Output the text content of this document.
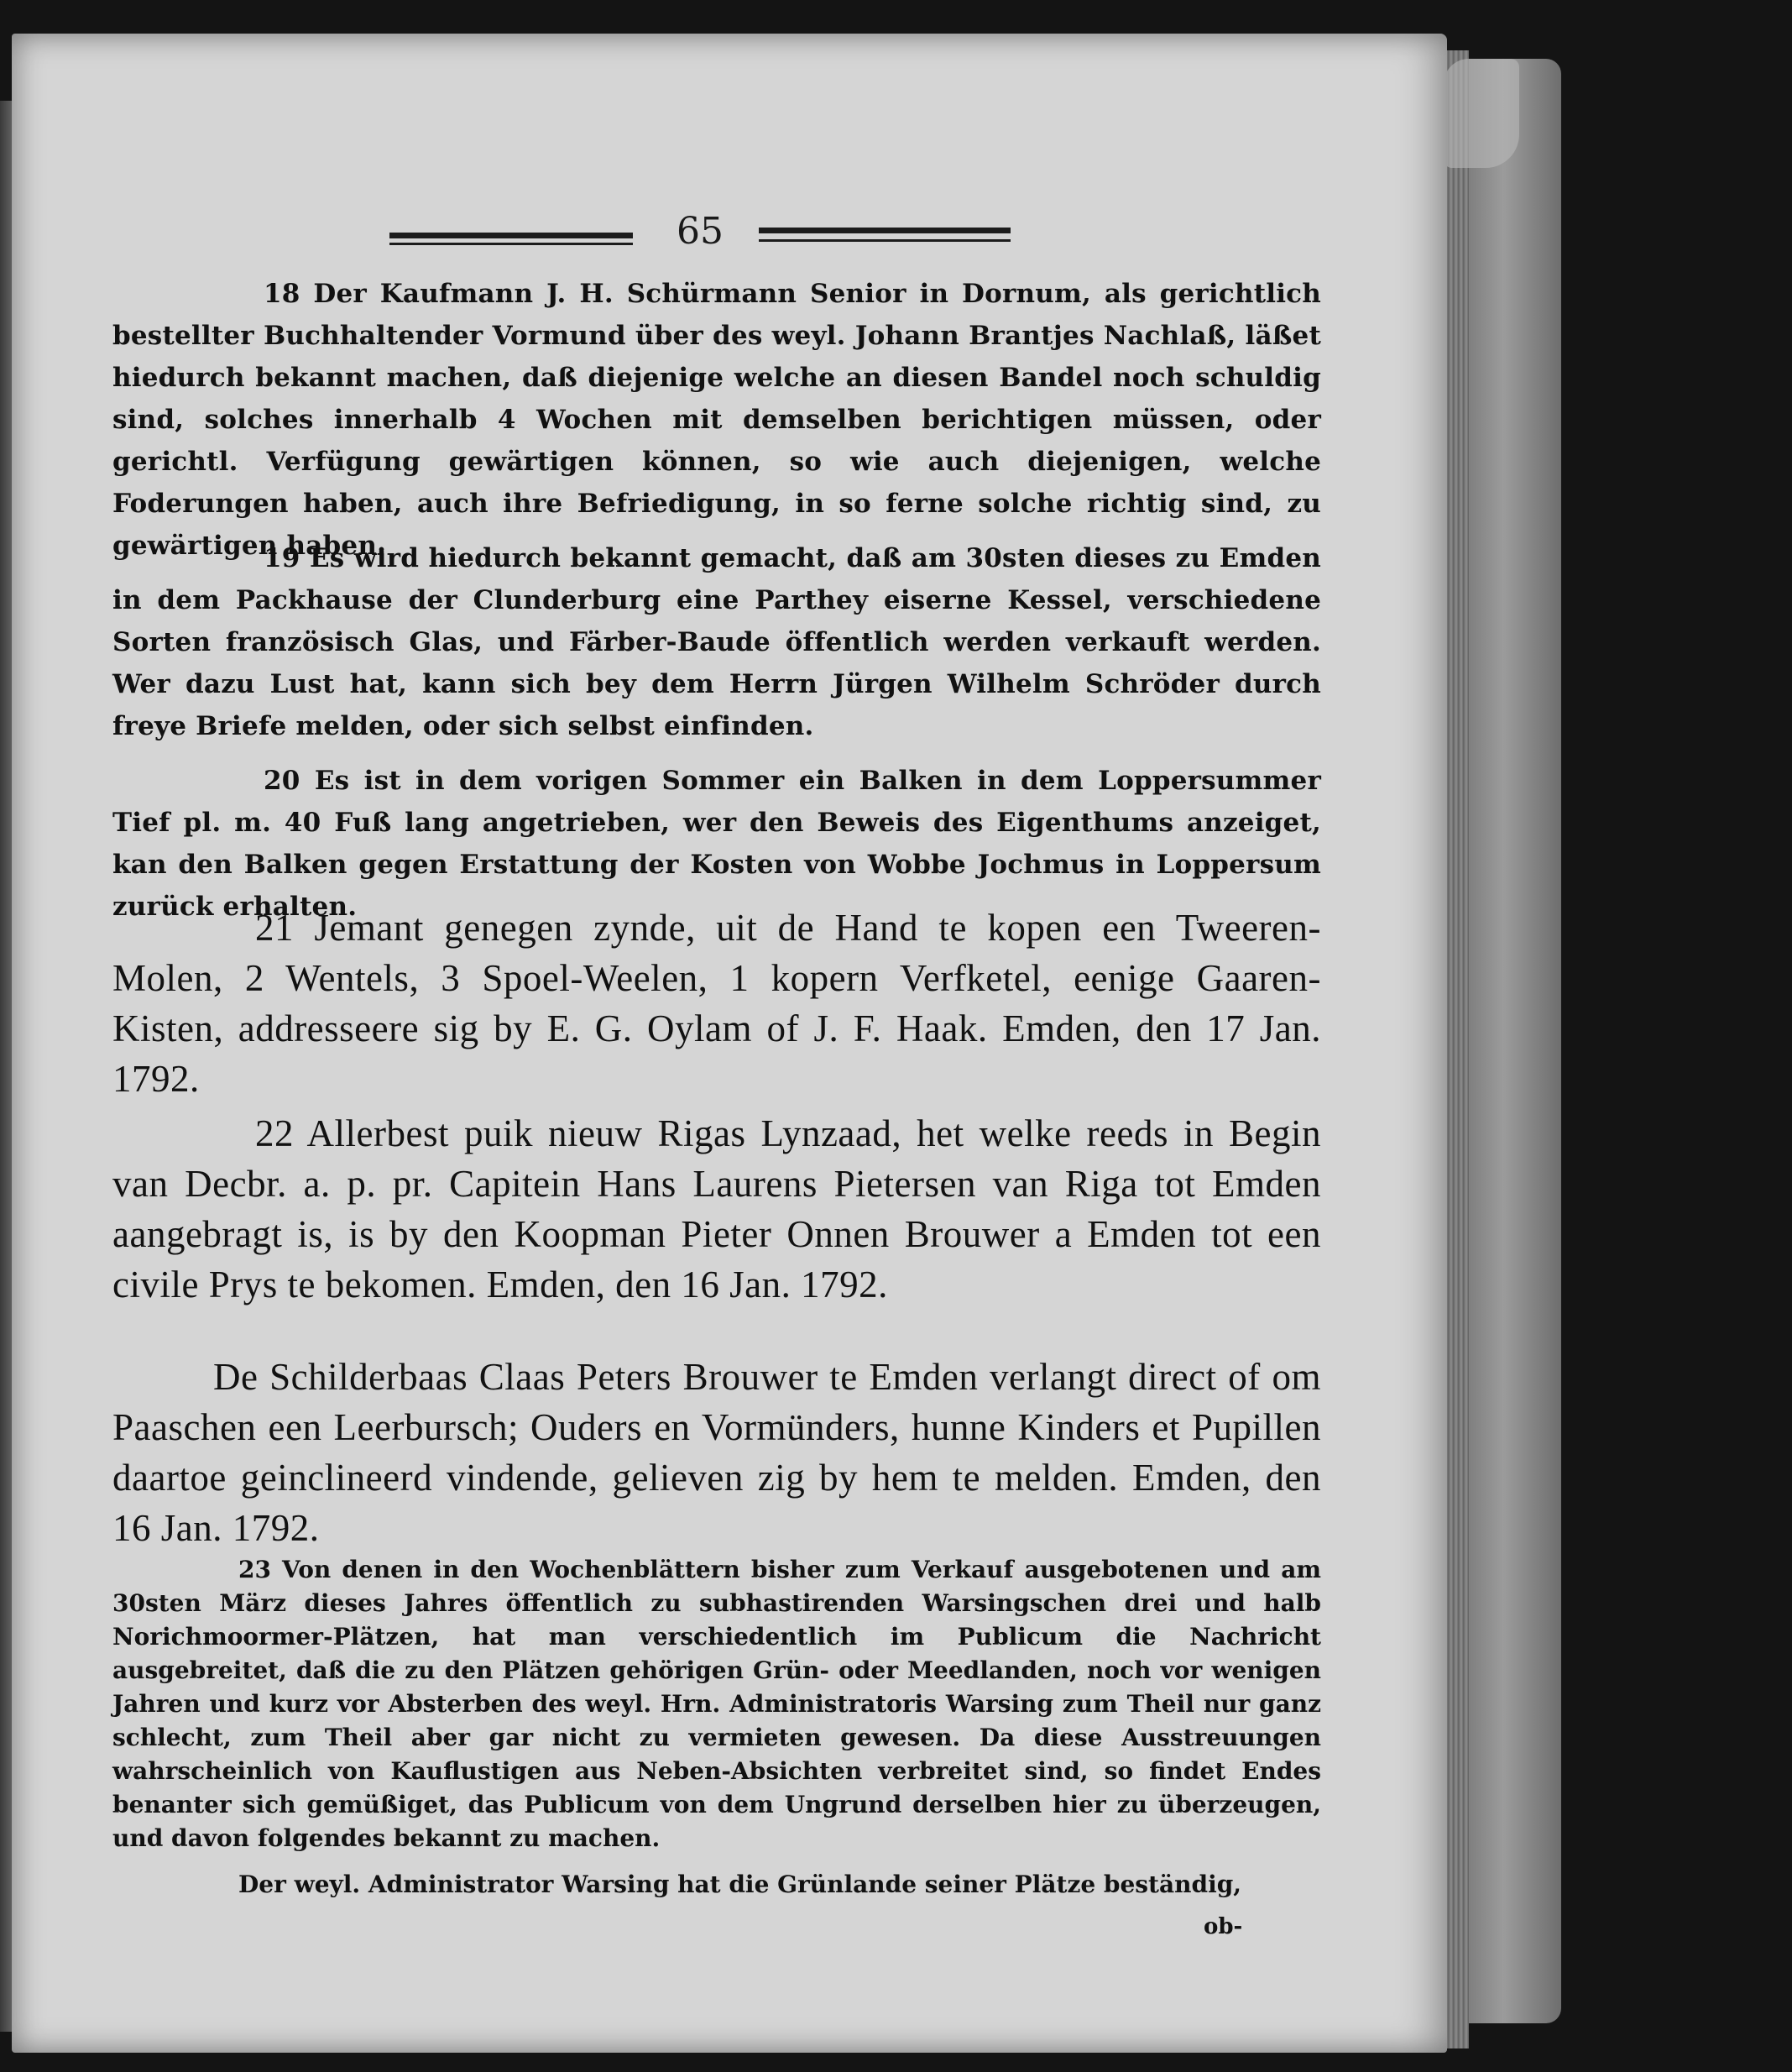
65

18 Der Kaufmann J. H. Schürmann Senior in Dornum, als gerichtlich bestellter Buchhaltender Vormund über des weyl. Johann Brantjes Nachlaß, läßet hiedurch bekannt machen, daß diejenige welche an diesen Bandel noch schuldig sind, solches innerhalb 4 Wochen mit demselben berichtigen müssen, oder gerichtl. Verfügung gewärtigen können, so wie auch diejenigen, welche Foderungen haben, auch ihre Befriedigung, in so ferne solche richtig sind, zu gewärtigen haben.

19 Es wird hiedurch bekannt gemacht, daß am 30sten dieses zu Emden in dem Packhause der Clunderburg eine Parthey eiserne Kessel, verschiedene Sorten französisch Glas, und Färber-Baude öffentlich werden verkauft werden. Wer dazu Lust hat, kann sich bey dem Herrn Jürgen Wilhelm Schröder durch freye Briefe melden, oder sich selbst einfinden.

20 Es ist in dem vorigen Sommer ein Balken in dem Loppersummer Tief pl. m. 40 Fuß lang angetrieben, wer den Beweis des Eigenthums anzeiget, kan den Balken gegen Erstattung der Kosten von Wobbe Jochmus in Loppersum zurück erhalten.

21 Jemant genegen zynde, uit de Hand te kopen een Tweeren-Molen, 2 Wentels, 3 Spoel-Weelen, 1 kopern Verfketel, eenige Gaaren-Kisten, addresseere sig by E. G. Oylam of J. F. Haak. Emden, den 17 Jan. 1792.

22 Allerbest puik nieuw Rigas Lynzaad, het welke reeds in Begin van Decbr. a. p. pr. Capitein Hans Laurens Pietersen van Riga tot Emden aangebragt is, is by den Koopman Pieter Onnen Brouwer a Emden tot een civile Prys te bekomen. Emden, den 16 Jan. 1792.

De Schilderbaas Claas Peters Brouwer te Emden verlangt direct of om Paaschen een Leerbursch; Ouders en Vormünders, hunne Kinders et Pupillen daartoe geinclineerd vindende, gelieven zig by hem te melden. Emden, den 16 Jan. 1792.

23 Von denen in den Wochenblättern bisher zum Verkauf ausgebotenen und am 30sten März dieses Jahres öffentlich zu subhastirenden Warsingschen drei und halb Norichmoormer-Plätzen, hat man verschiedentlich im Publicum die Nachricht ausgebreitet, daß die zu den Plätzen gehörigen Grün- oder Meedlanden, noch vor wenigen Jahren und kurz vor Absterben des weyl. Hrn. Administratoris Warsing zum Theil nur ganz schlecht, zum Theil aber gar nicht zu vermieten gewesen. Da diese Ausstreuungen wahrscheinlich von Kauflustigen aus Neben-Absichten verbreitet sind, so findet Endes benanter sich gemüßiget, das Publicum von dem Ungrund derselben hier zu überzeugen, und davon folgendes bekannt zu machen.

Der weyl. Administrator Warsing hat die Grünlande seiner Plätze beständig,

ob-
